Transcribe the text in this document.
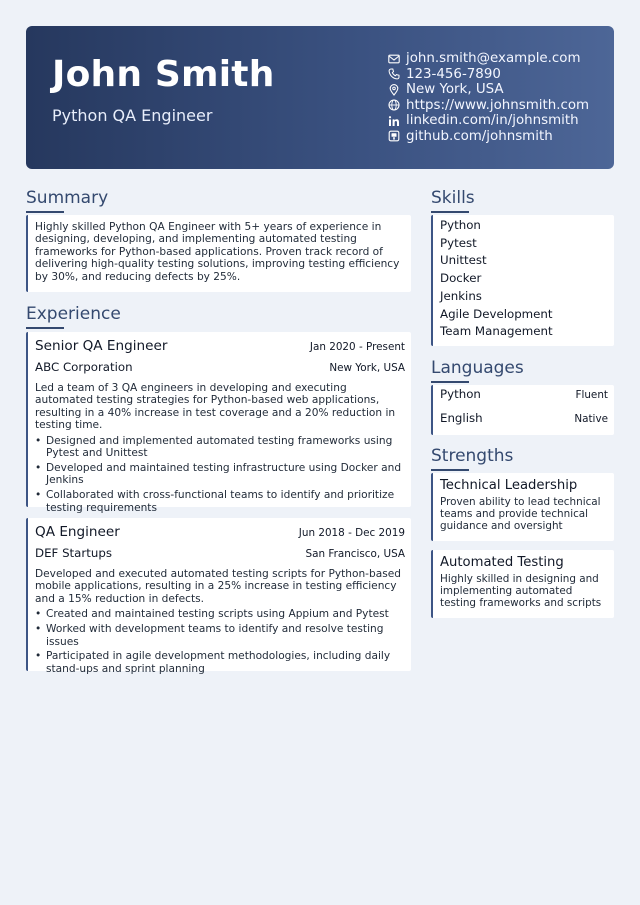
John Smith
Python QA Engineer
john.smith@example.com
123-456-7890
New York, USA
https://www.johnsmith.com
linkedin.com/in/johnsmith
github.com/johnsmith
Summary
Highly skilled Python QA Engineer with 5+ years of experience in designing, developing, and implementing automated testing frameworks for Python-based applications. Proven track record of delivering high-quality testing solutions, improving testing efficiency by 30%, and reducing defects by 25%.
Experience
Senior QA Engineer	Jan 2020 - Present
ABC Corporation	New York, USA
Led a team of 3 QA engineers in developing and executing automated testing strategies for Python-based web applications, resulting in a 40% increase in test coverage and a 20% reduction in testing time.
• Designed and implemented automated testing frameworks using Pytest and Unittest
• Developed and maintained testing infrastructure using Docker and Jenkins
• Collaborated with cross-functional teams to identify and prioritize testing requirements
QA Engineer	Jun 2018 - Dec 2019
DEF Startups	San Francisco, USA
Developed and executed automated testing scripts for Python-based mobile applications, resulting in a 25% increase in testing efficiency and a 15% reduction in defects.
• Created and maintained testing scripts using Appium and Pytest
• Worked with development teams to identify and resolve testing issues
• Participated in agile development methodologies, including daily stand-ups and sprint planning
Skills
Python
Pytest
Unittest
Docker
Jenkins
Agile Development
Team Management
Languages
Python	Fluent
English	Native
Strengths
Technical Leadership
Proven ability to lead technical teams and provide technical guidance and oversight
Automated Testing
Highly skilled in designing and implementing automated testing frameworks and scripts
